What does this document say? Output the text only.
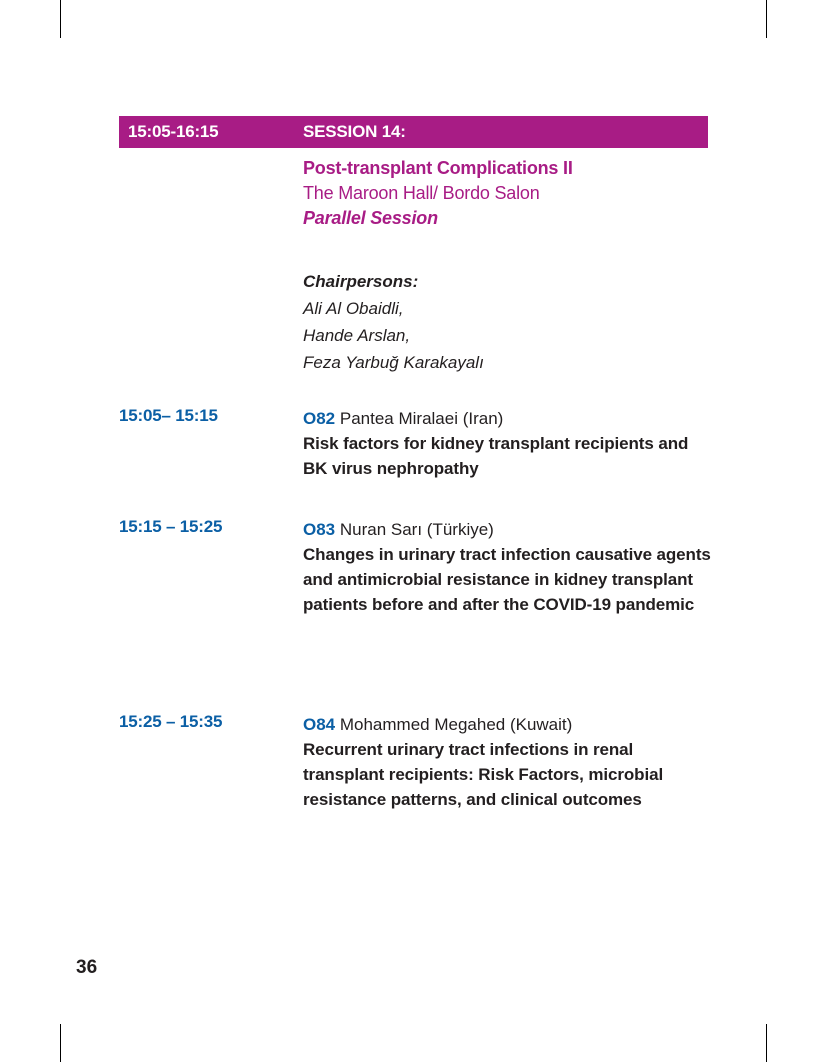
15:05-16:15	SESSION 14:
Post-transplant Complications II
The Maroon Hall/ Bordo Salon
Parallel Session
Chairpersons:
Ali Al Obaidli,
Hande Arslan,
Feza Yarbuğ Karakayalı
15:05– 15:15	O82 Pantea Miralaei (Iran)
Risk factors for kidney transplant recipients and BK virus nephropathy
15:15 – 15:25	O83 Nuran Sarı (Türkiye)
Changes in urinary tract infection causative agents and antimicrobial resistance in kidney transplant patients before and after the COVID-19 pandemic
15:25 – 15:35	O84 Mohammed Megahed (Kuwait)
Recurrent urinary tract infections in renal transplant recipients: Risk Factors, microbial resistance patterns, and clinical outcomes
36
